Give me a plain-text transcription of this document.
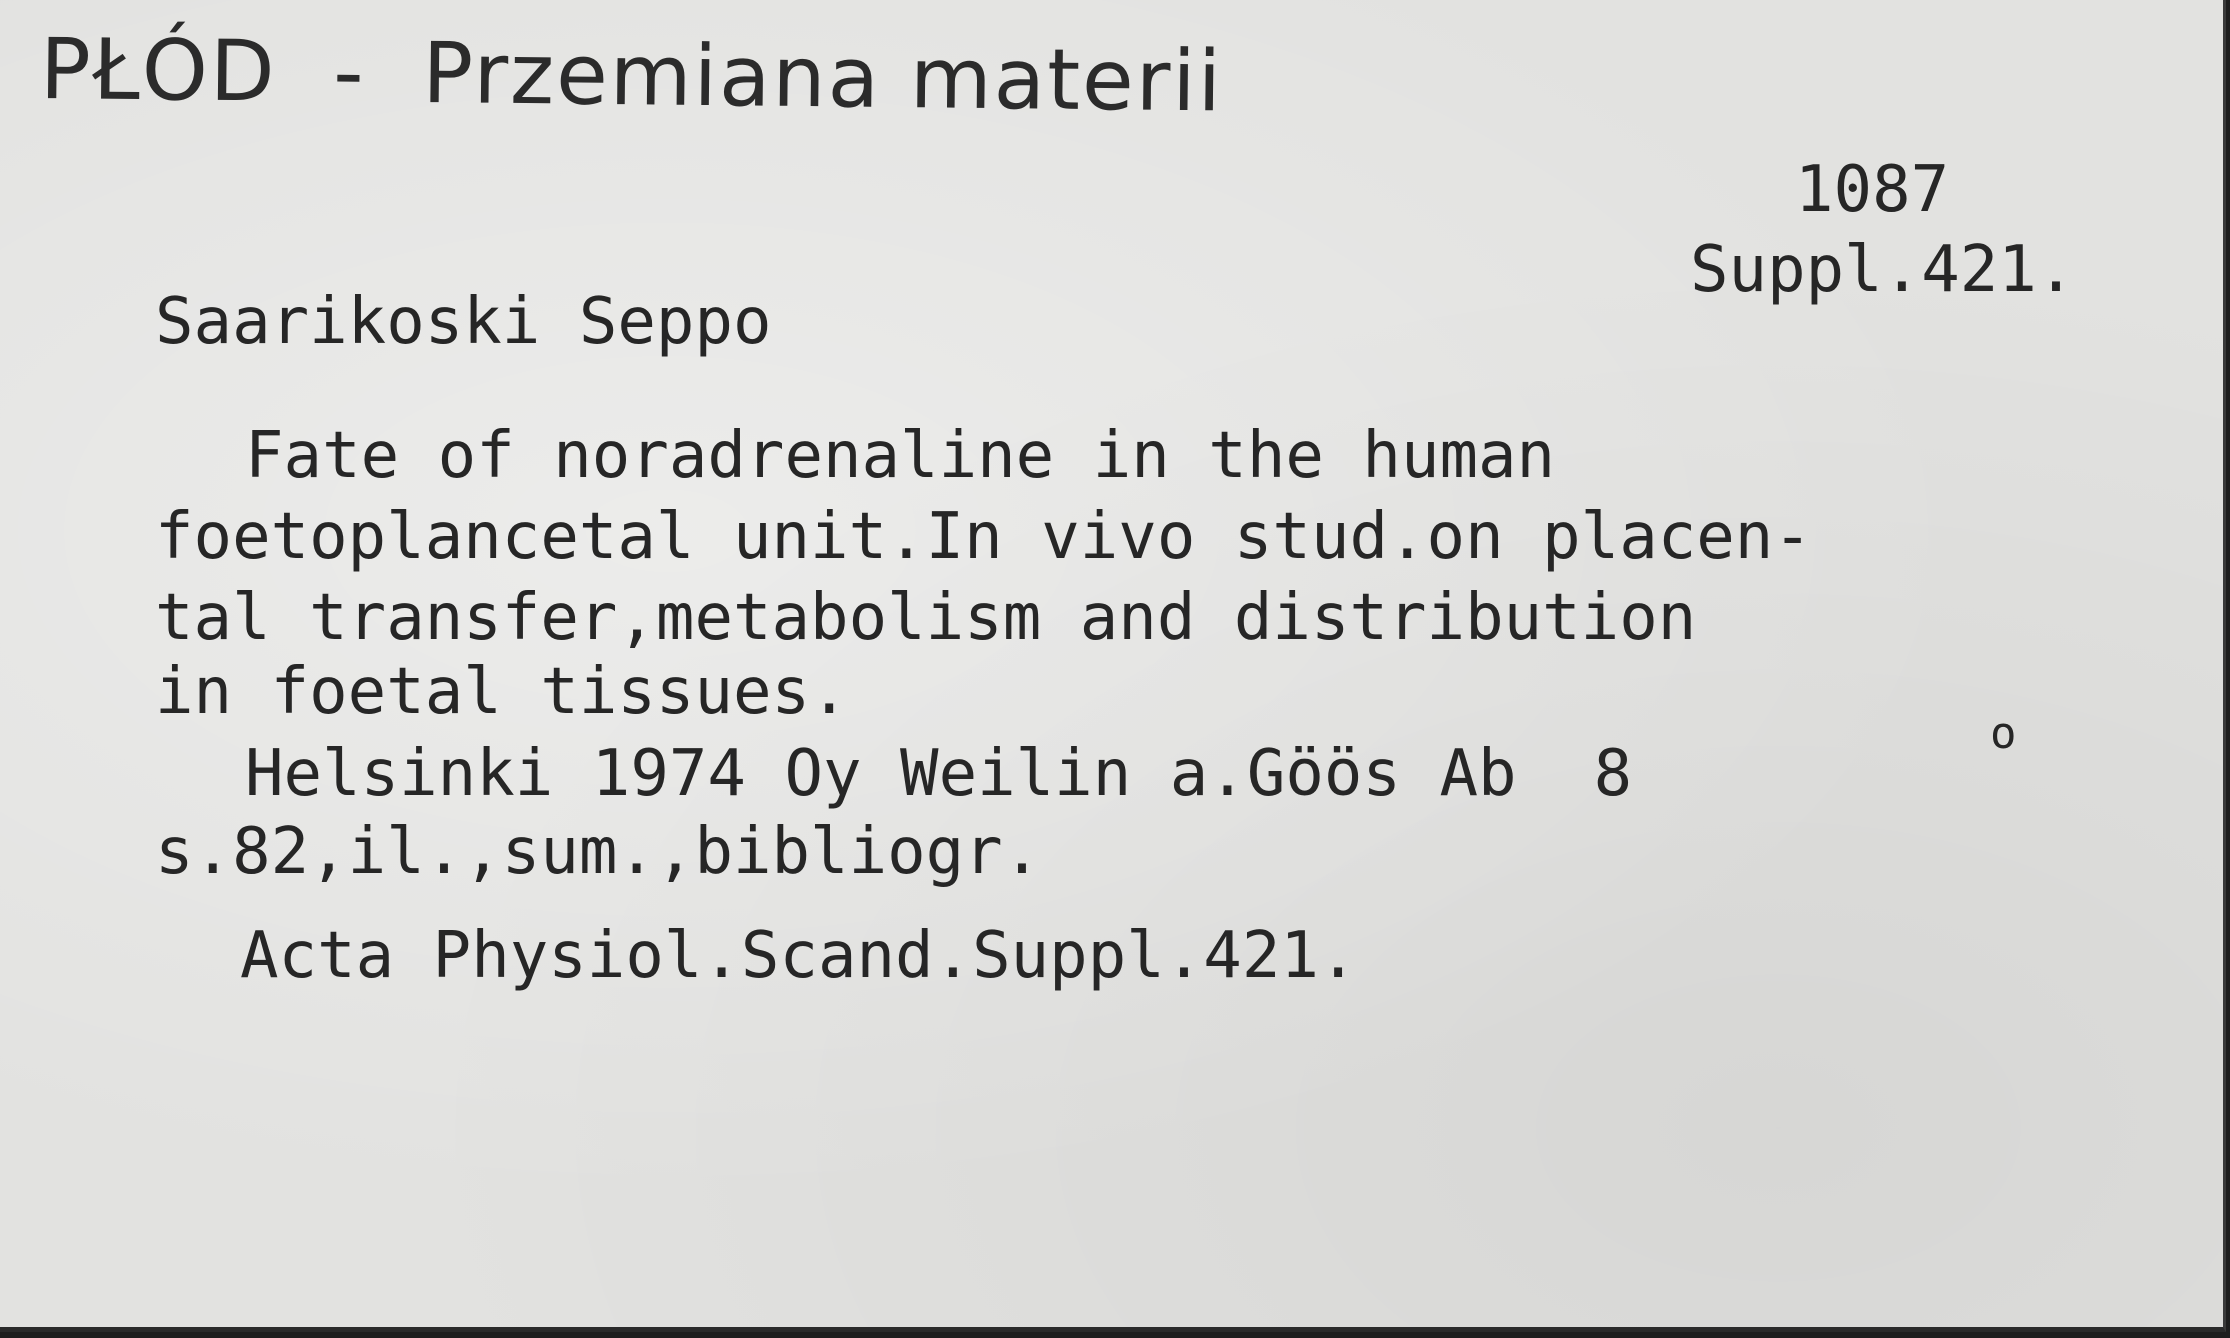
PŁÓD - Przemiana materii
1087
Suppl.421.
Saarikoski Seppo
Fate of noradrenaline in the human
foetoplancetal unit.In vivo stud.on placen-
tal transfer,metabolism and distribution
in foetal tissues.
Helsinki 1974 Oy Weilin a.Göös Ab  8
o
s.82,il.,sum.,bibliogr.
Acta Physiol.Scand.Suppl.421.
